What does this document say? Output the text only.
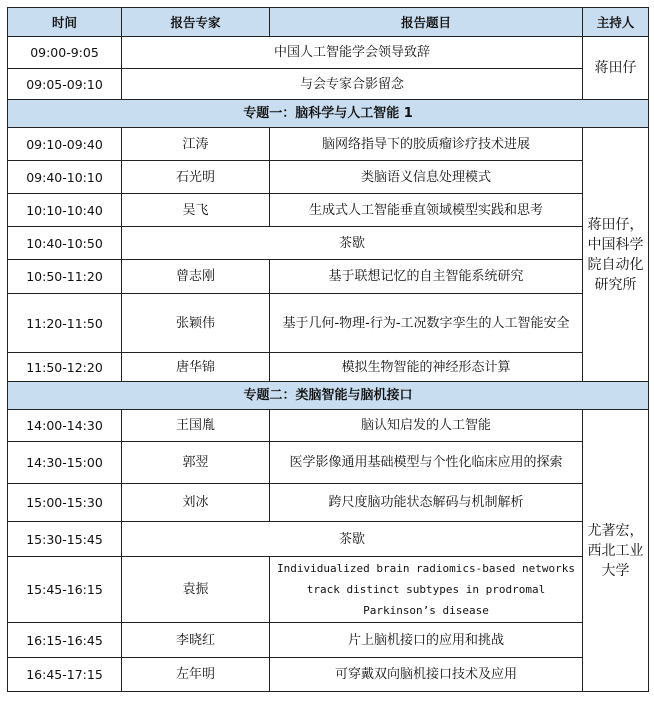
时间	报告专家	报告题目	主持人
09:00-9:05	中国人工智能学会领导致辞		蒋田仔
09:05-09:10	与会专家合影留念		
专题一：脑科学与人工智能 1			
09:10-09:40	江涛	脑网络指导下的胶质瘤诊疗技术进展	蒋田仔，中国科学院自动化研究所
09:40-10:10	石光明	类脑语义信息处理模式	
10:10-10:40	吴飞	生成式人工智能垂直领域模型实践和思考	
10:40-10:50	茶歇		
10:50-11:20	曾志刚	基于联想记忆的自主智能系统研究	
11:20-11:50	张颖伟	基于几何-物理-行为-工况数字孪生的人工智能安全	
11:50-12:20	唐华锦	模拟生物智能的神经形态计算	
专题二：类脑智能与脑机接口			
14:00-14:30	王国胤	脑认知启发的人工智能	尤著宏，西北工业大学
14:30-15:00	郭翌	医学影像通用基础模型与个性化临床应用的探索	
15:00-15:30	刘冰	跨尺度脑功能状态解码与机制解析	
15:30-15:45	茶歇		
15:45-16:15	袁振	Individualized brain radiomics-based networks track distinct subtypes in prodromal Parkinson’s disease	
16:15-16:45	李晓红	片上脑机接口的应用和挑战	
16:45-17:15	左年明	可穿戴双向脑机接口技术及应用	
